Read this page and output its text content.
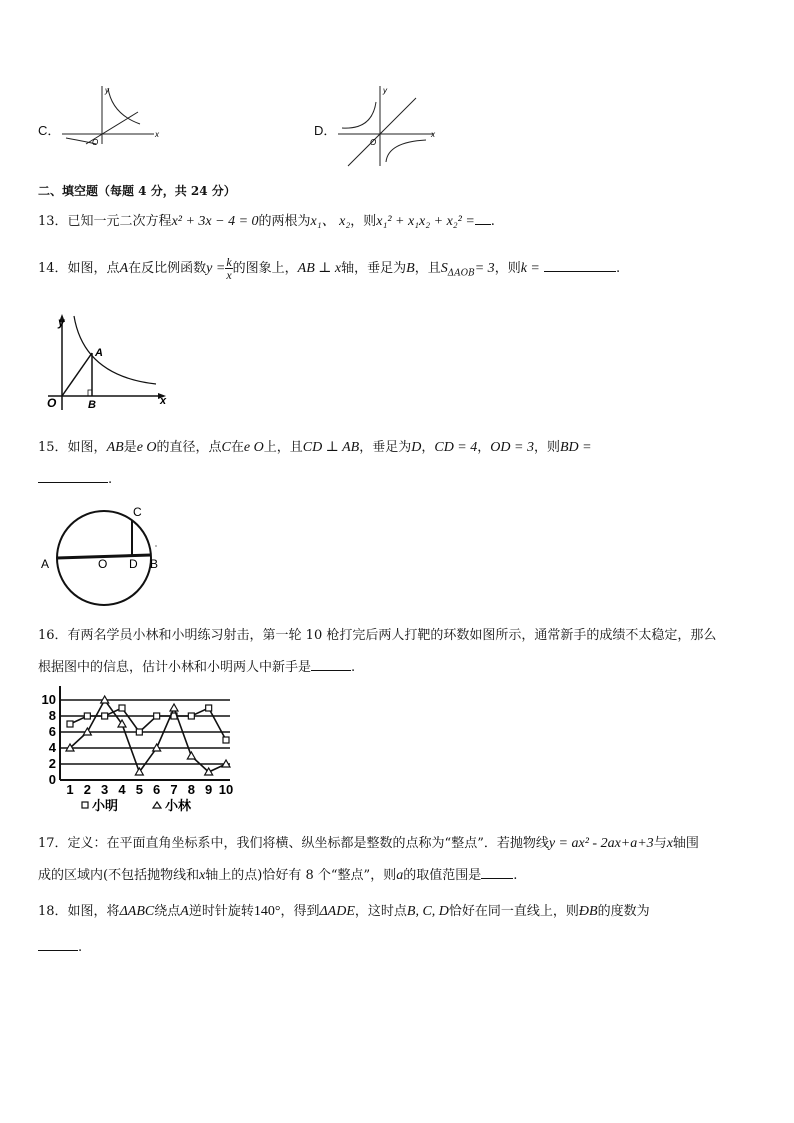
C．
y
x
O
D．
y
x
O
二、填空题（每题 4 分，共 24 分）
13．已知一元二次方程x² + 3x − 4 = 0的两根为x₁、 x₂，则x₁² + x₁x₂ + x₂² = .
14．如图，点A在反比例函数$y = \frac{k}{x}$ 的图象上，AB ⊥ x轴，垂足为B，且$S_{\Delta AOB}= 3$，则k =	.
y
x
O
A
B
15．如图，AB是e O的直径，点C在e O上，且CD ⊥ AB，垂足为D，CD = 4，OD = 3，则BD =
.
A	O D B
C
16．有两名学员小林和小明练习射击，第一轮 10 枪打完后两人打靶的环数如图所示，通常新手的成绩不太稳定，那么
根据图中的信息，估计小林和小明两人中新手是	.
0
2
4
6
8
10
1 2 3 4 5 6 7 8 9 10
小明	小林
17．定义：在平面直角坐标系中，我们将横、纵坐标都是整数的点称为“整点”．若抛物线y = ax² - 2ax+a+3与x轴围
成的区域内(不包括抛物线和x轴上的点)恰好有 8 个“整点”，则a的取值范围是 .
18．如图，将ΔABC绕点A逆时针旋转140°，得到ΔADE，这时点B, C, D恰好在同一直线上，则ÐB的度数为
.
